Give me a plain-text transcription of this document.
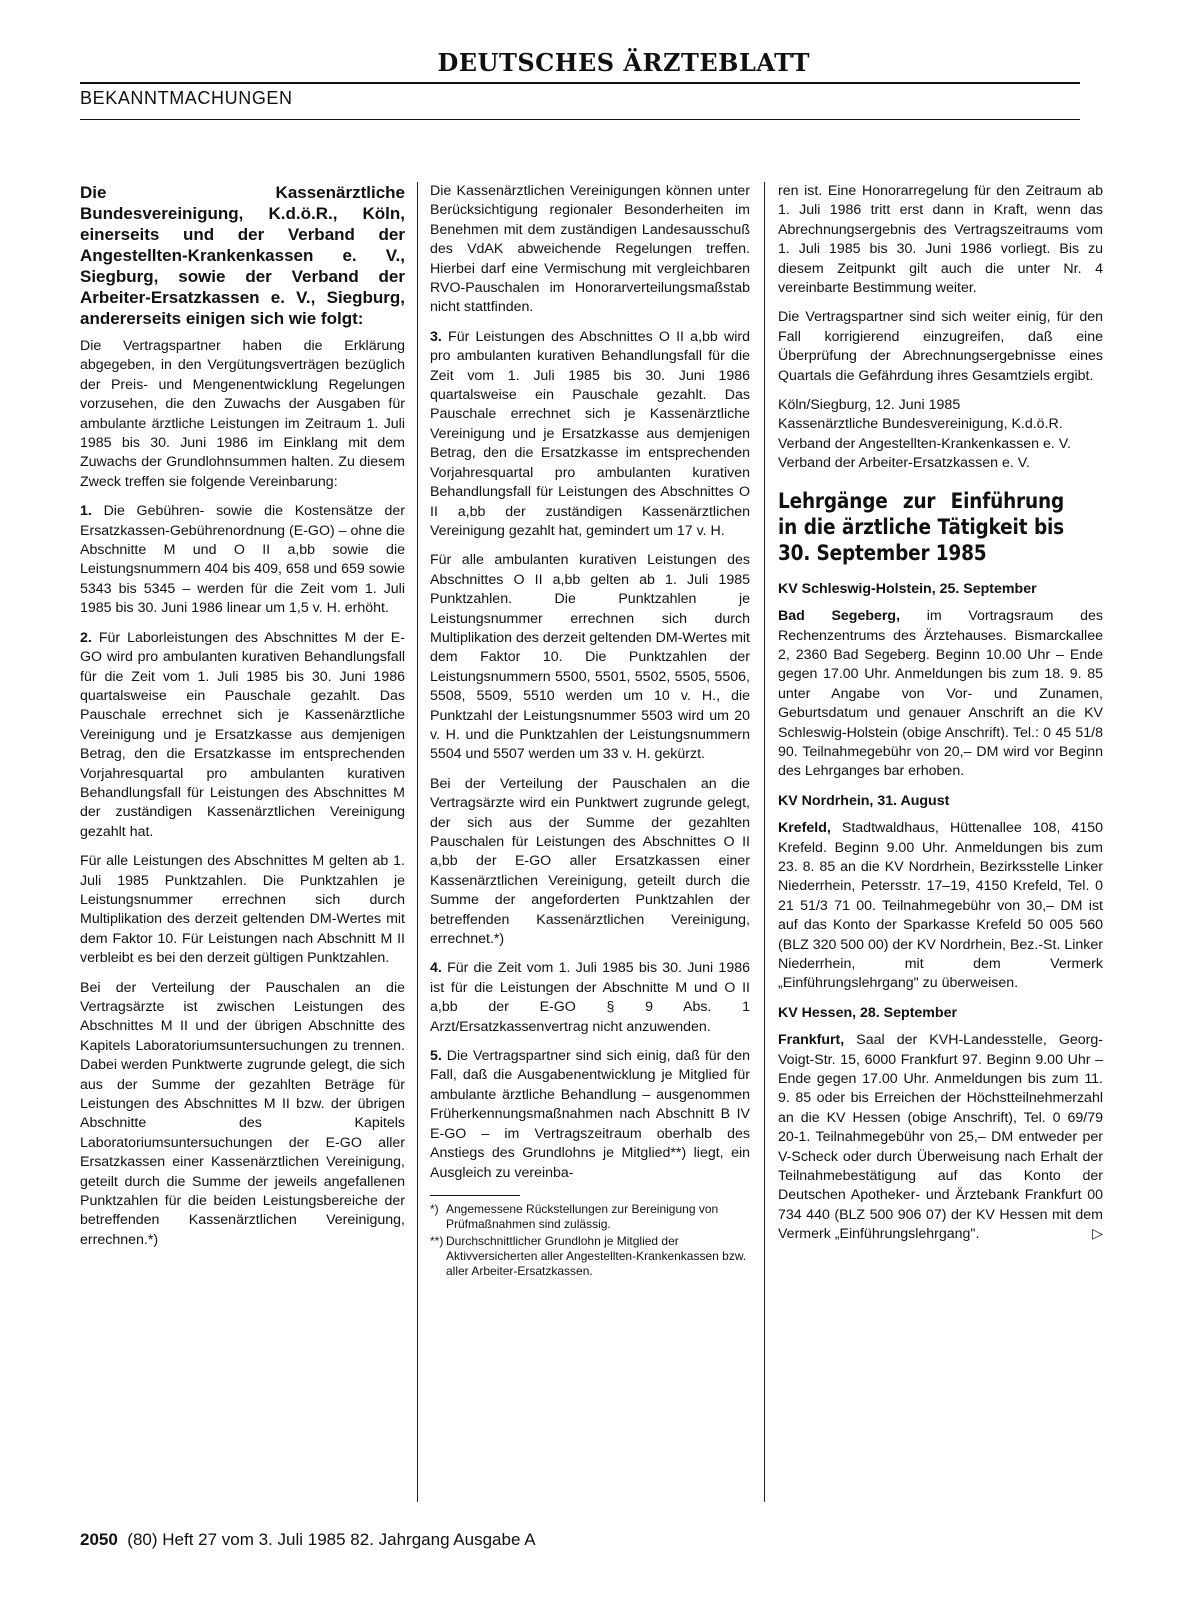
DEUTSCHES ÄRZTEBLATT
BEKANNTMACHUNGEN

Die Kassenärztliche Bundesvereinigung, K.d.ö.R., Köln, einerseits und der Verband der Angestellten-Krankenkassen e. V., Siegburg, sowie der Verband der Arbeiter-Ersatzkassen e. V., Siegburg, andererseits einigen sich wie folgt:

Die Vertragspartner haben die Erklärung abgegeben, in den Vergütungsverträgen bezüglich der Preis- und Mengenentwicklung Regelungen vorzusehen, die den Zuwachs der Ausgaben für ambulante ärztliche Leistungen im Zeitraum 1. Juli 1985 bis 30. Juni 1986 im Einklang mit dem Zuwachs der Grundlohnsummen halten. Zu diesem Zweck treffen sie folgende Vereinbarung:

1. Die Gebühren- sowie die Kostensätze der Ersatzkassen-Gebührenordnung (E-GO) – ohne die Abschnitte M und O II a,bb sowie die Leistungsnummern 404 bis 409, 658 und 659 sowie 5343 bis 5345 – werden für die Zeit vom 1. Juli 1985 bis 30. Juni 1986 linear um 1,5 v. H. erhöht.

2. Für Laborleistungen des Abschnittes M der E-GO wird pro ambulanten kurativen Behandlungsfall für die Zeit vom 1. Juli 1985 bis 30. Juni 1986 quartalsweise ein Pauschale gezahlt. Das Pauschale errechnet sich je Kassenärztliche Vereinigung und je Ersatzkasse aus demjenigen Betrag, den die Ersatzkasse im entsprechenden Vorjahresquartal pro ambulanten kurativen Behandlungsfall für Leistungen des Abschnittes M der zuständigen Kassenärztlichen Vereinigung gezahlt hat.

Für alle Leistungen des Abschnittes M gelten ab 1. Juli 1985 Punktzahlen. Die Punktzahlen je Leistungsnummer errechnen sich durch Multiplikation des derzeit geltenden DM-Wertes mit dem Faktor 10. Für Leistungen nach Abschnitt M II verbleibt es bei den derzeit gültigen Punktzahlen.

Bei der Verteilung der Pauschalen an die Vertragsärzte ist zwischen Leistungen des Abschnittes M II und der übrigen Abschnitte des Kapitels Laboratoriumsuntersuchungen zu trennen. Dabei werden Punktwerte zugrunde gelegt, die sich aus der Summe der gezahlten Beträge für Leistungen des Abschnittes M II bzw. der übrigen Abschnitte des Kapitels Laboratoriumsuntersuchungen der E-GO aller Ersatzkassen einer Kassenärztlichen Vereinigung, geteilt durch die Summe der jeweils angefallenen Punktzahlen für die beiden Leistungsbereiche der betreffenden Kassenärztlichen Vereinigung, errechnen.*)

Die Kassenärztlichen Vereinigungen können unter Berücksichtigung regionaler Besonderheiten im Benehmen mit dem zuständigen Landesausschuß des VdAK abweichende Regelungen treffen. Hierbei darf eine Vermischung mit vergleichbaren RVO-Pauschalen im Honorarverteilungsmaßstab nicht stattfinden.

3. Für Leistungen des Abschnittes O II a,bb wird pro ambulanten kurativen Behandlungsfall für die Zeit vom 1. Juli 1985 bis 30. Juni 1986 quartalsweise ein Pauschale gezahlt. Das Pauschale errechnet sich je Kassenärztliche Vereinigung und je Ersatzkasse aus demjenigen Betrag, den die Ersatzkasse im entsprechenden Vorjahresquartal pro ambulanten kurativen Behandlungsfall für Leistungen des Abschnittes O II a,bb der zuständigen Kassenärztlichen Vereinigung gezahlt hat, gemindert um 17 v. H.

Für alle ambulanten kurativen Leistungen des Abschnittes O II a,bb gelten ab 1. Juli 1985 Punktzahlen. Die Punktzahlen je Leistungsnummer errechnen sich durch Multiplikation des derzeit geltenden DM-Wertes mit dem Faktor 10. Die Punktzahlen der Leistungsnummern 5500, 5501, 5502, 5505, 5506, 5508, 5509, 5510 werden um 10 v. H., die Punktzahl der Leistungsnummer 5503 wird um 20 v. H. und die Punktzahlen der Leistungsnummern 5504 und 5507 werden um 33 v. H. gekürzt.

Bei der Verteilung der Pauschalen an die Vertragsärzte wird ein Punktwert zugrunde gelegt, der sich aus der Summe der gezahlten Pauschalen für Leistungen des Abschnittes O II a,bb der E-GO aller Ersatzkassen einer Kassenärztlichen Vereinigung, geteilt durch die Summe der angeforderten Punktzahlen der betreffenden Kassenärztlichen Vereinigung, errechnet.*)

4. Für die Zeit vom 1. Juli 1985 bis 30. Juni 1986 ist für die Leistungen der Abschnitte M und O II a,bb der E-GO § 9 Abs. 1 Arzt/Ersatzkassenvertrag nicht anzuwenden.

5. Die Vertragspartner sind sich einig, daß für den Fall, daß die Ausgabenentwicklung je Mitglied für ambulante ärztliche Behandlung – ausgenommen Früherkennungsmaßnahmen nach Abschnitt B IV E-GO – im Vertragszeitraum oberhalb des Anstiegs des Grundlohns je Mitglied**) liegt, ein Ausgleich zu vereinba-

*) Angemessene Rückstellungen zur Bereinigung von Prüfmaßnahmen sind zulässig.
**) Durchschnittlicher Grundlohn je Mitglied der Aktivversicherten aller Angestellten-Krankenkassen bzw. aller Arbeiter-Ersatzkassen.

ren ist. Eine Honorarregelung für den Zeitraum ab 1. Juli 1986 tritt erst dann in Kraft, wenn das Abrechnungsergebnis des Vertragszeitraums vom 1. Juli 1985 bis 30. Juni 1986 vorliegt. Bis zu diesem Zeitpunkt gilt auch die unter Nr. 4 vereinbarte Bestimmung weiter.

Die Vertragspartner sind sich weiter einig, für den Fall korrigierend einzugreifen, daß eine Überprüfung der Abrechnungsergebnisse eines Quartals die Gefährdung ihres Gesamtziels ergibt.

Köln/Siegburg, 12. Juni 1985
Kassenärztliche Bundesvereinigung, K.d.ö.R.
Verband der Angestellten-Krankenkassen e. V.
Verband der Arbeiter-Ersatzkassen e. V.

Lehrgänge zur Einführung in die ärztliche Tätigkeit bis 30. September 1985
KV Schleswig-Holstein, 25. September

Bad Segeberg, im Vortragsraum des Rechenzentrums des Ärztehauses. Bismarckallee 2, 2360 Bad Segeberg. Beginn 10.00 Uhr – Ende gegen 17.00 Uhr. Anmeldungen bis zum 18. 9. 85 unter Angabe von Vor- und Zunamen, Geburtsdatum und genauer Anschrift an die KV Schleswig-Holstein (obige Anschrift). Tel.: 0 45 51/8 90. Teilnahmegebühr von 20,– DM wird vor Beginn des Lehrganges bar erhoben.

KV Nordrhein, 31. August

Krefeld, Stadtwaldhaus, Hüttenallee 108, 4150 Krefeld. Beginn 9.00 Uhr. Anmeldungen bis zum 23. 8. 85 an die KV Nordrhein, Bezirksstelle Linker Niederrhein, Petersstr. 17–19, 4150 Krefeld, Tel. 0 21 51/3 71 00. Teilnahmegebühr von 30,– DM ist auf das Konto der Sparkasse Krefeld 50 005 560 (BLZ 320 500 00) der KV Nordrhein, Bez.-St. Linker Niederrhein, mit dem Vermerk „Einführungslehrgang" zu überweisen.

KV Hessen, 28. September

Frankfurt, Saal der KVH-Landesstelle, Georg-Voigt-Str. 15, 6000 Frankfurt 97. Beginn 9.00 Uhr – Ende gegen 17.00 Uhr. Anmeldungen bis zum 11. 9. 85 oder bis Erreichen der Höchstteilnehmerzahl an die KV Hessen (obige Anschrift), Tel. 0 69/79 20-1. Teilnahmegebühr von 25,– DM entweder per V-Scheck oder durch Überweisung nach Erhalt der Teilnahmebestätigung auf das Konto der Deutschen Apotheker- und Ärztebank Frankfurt 00 734 440 (BLZ 500 906 07) der KV Hessen mit dem Vermerk „Einführungslehrgang".	▷

2050 (80) Heft 27 vom 3. Juli 1985 82. Jahrgang Ausgabe A
